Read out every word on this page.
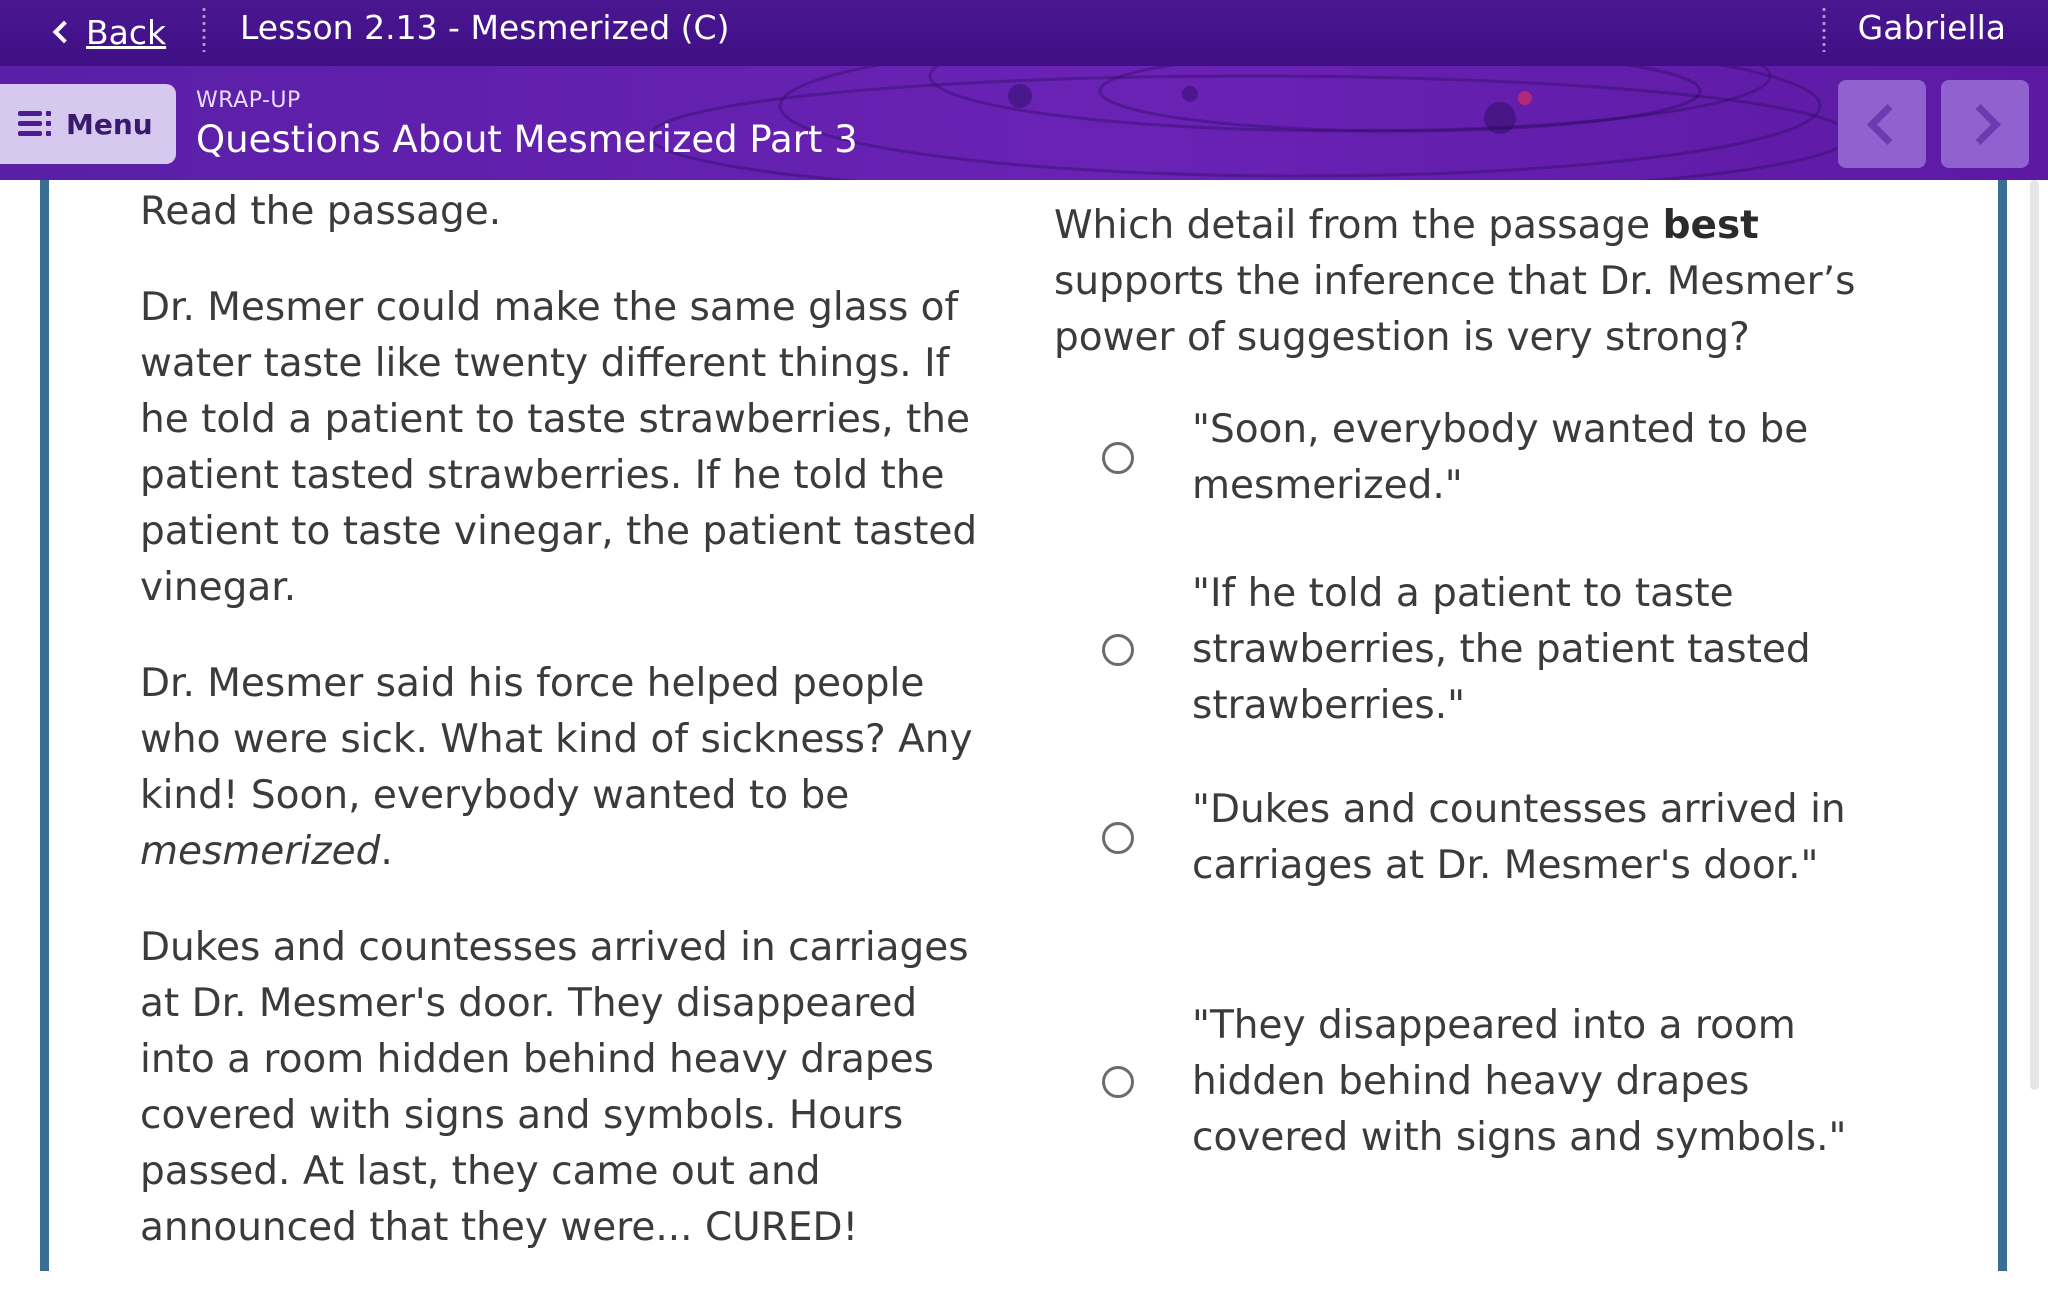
Back Lesson 2.13 - Mesmerized (C)	Gabriella
Menu
WRAP-UP
Questions About Mesmerized Part 3

Read the passage.

Dr. Mesmer could make the same glass of water taste like twenty different things. If he told a patient to taste strawberries, the patient tasted strawberries. If he told the patient to taste vinegar, the patient tasted vinegar.

Dr. Mesmer said his force helped people who were sick. What kind of sickness? Any kind! Soon, everybody wanted to be mesmerized.

Dukes and countesses arrived in carriages at Dr. Mesmer's door. They disappeared into a room hidden behind heavy drapes covered with signs and symbols. Hours passed. At last, they came out and announced that they were... CURED!

Which detail from the passage best supports the inference that Dr. Mesmer’s power of suggestion is very strong?
"Soon, everybody wanted to be mesmerized."
"If he told a patient to taste strawberries, the patient tasted strawberries."
"Dukes and countesses arrived in carriages at Dr. Mesmer's door."
"They disappeared into a room hidden behind heavy drapes covered with signs and symbols."
